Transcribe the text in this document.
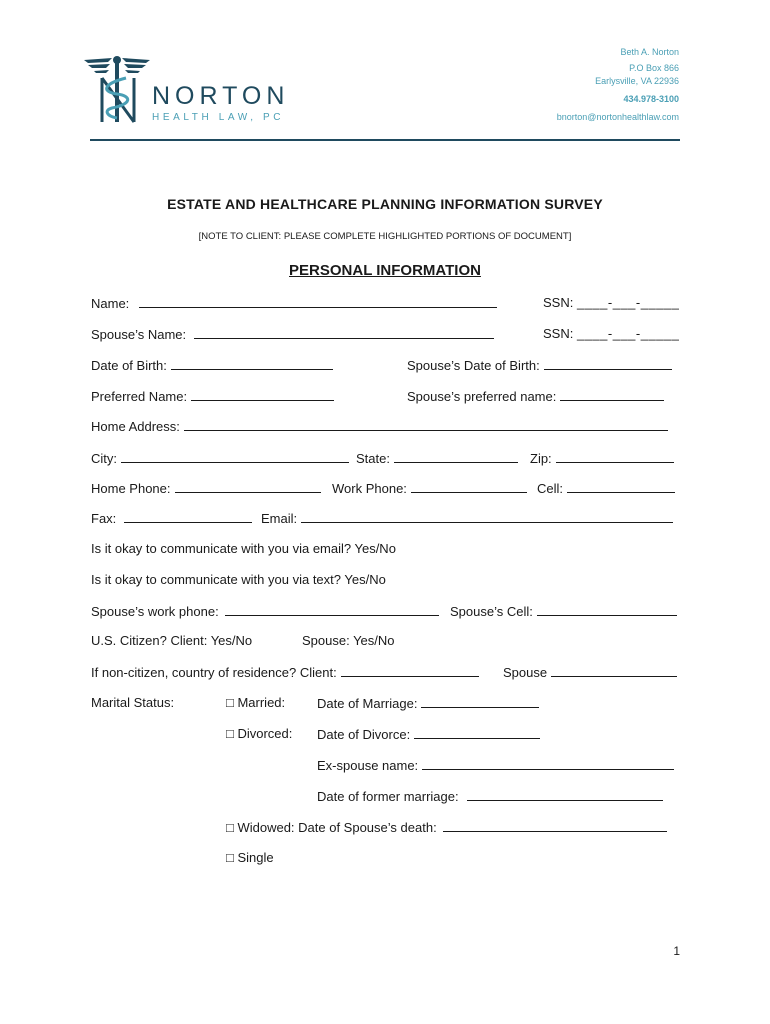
NORTON
HEALTH LAW, PC
Beth A. Norton
P.O Box 866
Earlysville, VA 22936
434.978-3100
bnorton@nortonhealthlaw.com
ESTATE AND HEALTHCARE PLANNING INFORMATION SURVEY
[NOTE TO CLIENT: PLEASE COMPLETE HIGHLIGHTED PORTIONS OF DOCUMENT]
PERSONAL INFORMATION
Name:	SSN: ____-___-_____
Spouse’s Name:	SSN: ____-___-_____
Date of Birth:	Spouse’s Date of Birth:
Preferred Name:	Spouse’s preferred name:
Home Address:
City:	State:	Zip:
Home Phone:	Work Phone:	Cell:
Fax:	Email:
Is it okay to communicate with you via email? Yes/No
Is it okay to communicate with you via text? Yes/No
Spouse’s work phone:	Spouse’s Cell:
U.S. Citizen? Client: Yes/No	Spouse: Yes/No
If non-citizen, country of residence? Client:	Spouse
Marital Status:	□ Married: Date of Marriage:
□ Divorced: Date of Divorce:
Ex-spouse name:
Date of former marriage:
□ Widowed: Date of Spouse’s death:
□ Single
1
